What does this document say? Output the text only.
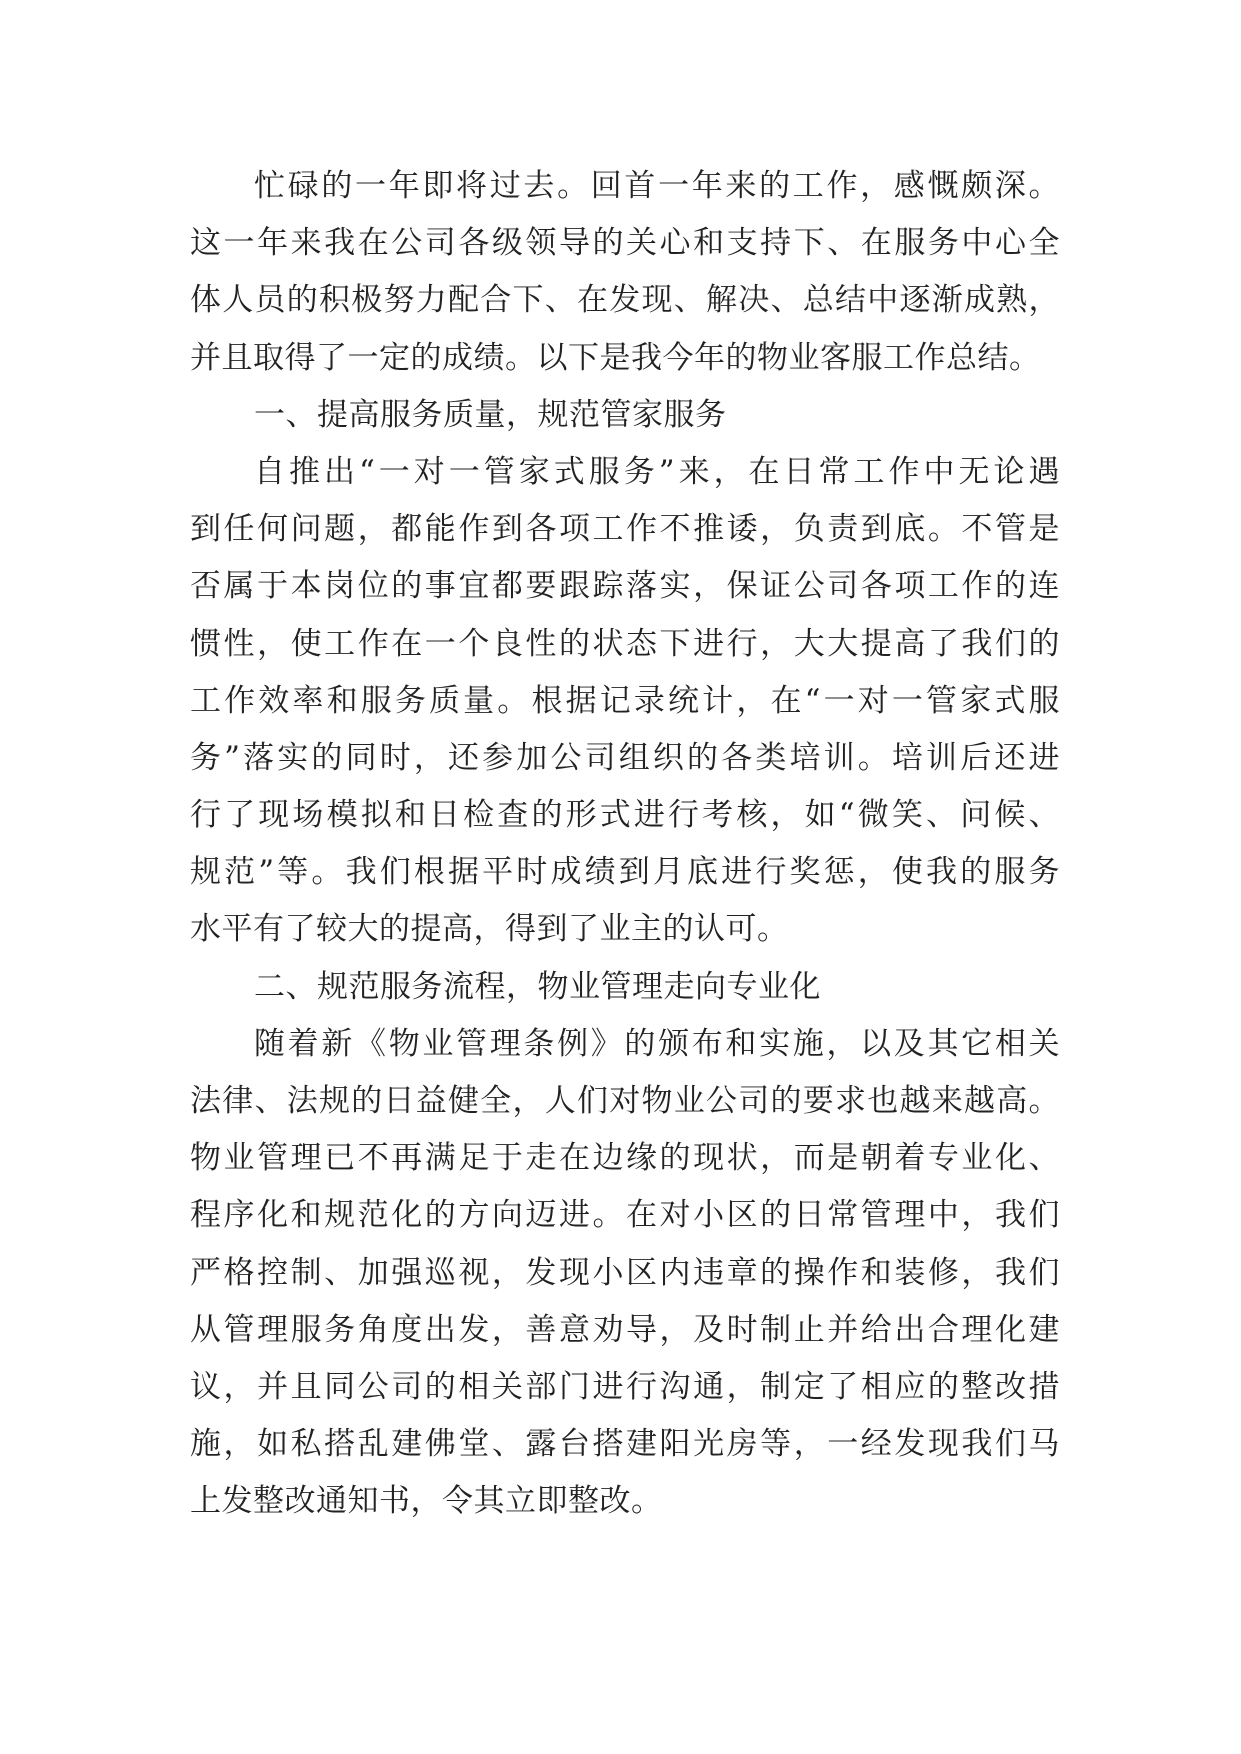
忙碌的一年即将过去。回首一年来的工作，感慨颇深。
这一年来我在公司各级领导的关心和支持下、在服务中心全
体人员的积极努力配合下、在发现、解决、总结中逐渐成熟，
并且取得了一定的成绩。以下是我今年的物业客服工作总结。
一、提高服务质量，规范管家服务
自推出“一对一管家式服务”来，在日常工作中无论遇
到任何问题，都能作到各项工作不推诿，负责到底。不管是
否属于本岗位的事宜都要跟踪落实，保证公司各项工作的连
惯性，使工作在一个良性的状态下进行，大大提高了我们的
工作效率和服务质量。根据记录统计，在“一对一管家式服
务”落实的同时，还参加公司组织的各类培训。培训后还进
行了现场模拟和日检查的形式进行考核，如“微笑、问候、
规范”等。我们根据平时成绩到月底进行奖惩，使我的服务
水平有了较大的提高，得到了业主的认可。
二、规范服务流程，物业管理走向专业化
随着新《物业管理条例》的颁布和实施，以及其它相关
法律、法规的日益健全，人们对物业公司的要求也越来越高。
物业管理已不再满足于走在边缘的现状，而是朝着专业化、
程序化和规范化的方向迈进。在对小区的日常管理中，我们
严格控制、加强巡视，发现小区内违章的操作和装修，我们
从管理服务角度出发，善意劝导，及时制止并给出合理化建
议，并且同公司的相关部门进行沟通，制定了相应的整改措
施，如私搭乱建佛堂、露台搭建阳光房等，一经发现我们马
上发整改通知书，令其立即整改。
